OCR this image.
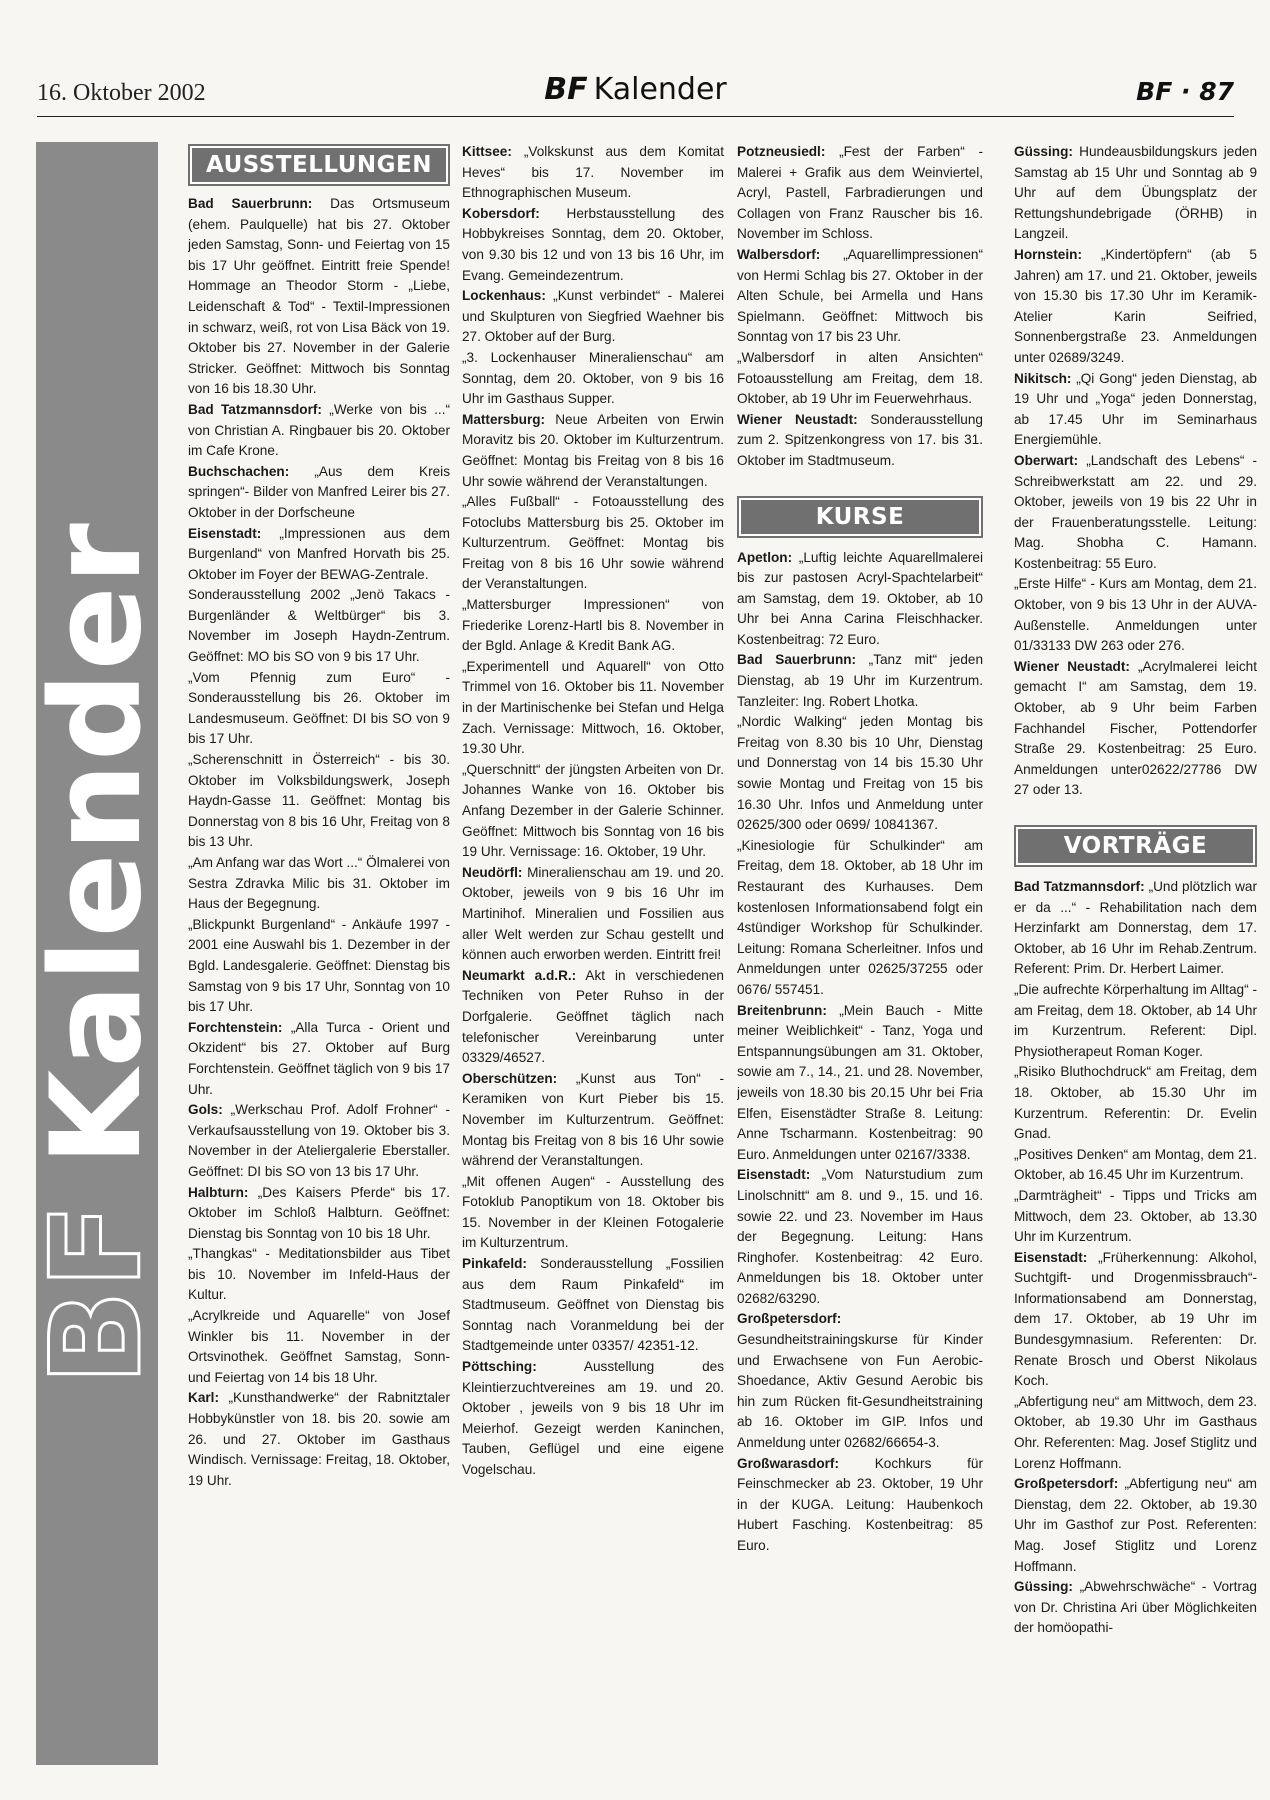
16. Oktober 2002	BF Kalender	BF · 87
BFKalender
AUSSTELLUNGEN

Bad Sauerbrunn: Das Ortsmuseum (ehem. Paulquelle) hat bis 27. Oktober jeden Samstag, Sonn- und Feiertag von 15 bis 17 Uhr geöffnet. Eintritt freie Spende! Hommage an Theodor Storm - „Liebe, Leidenschaft & Tod“ - Textil-Impressionen in schwarz, weiß, rot von Lisa Bäck von 19. Oktober bis 27. November in der Galerie Stricker. Geöffnet: Mittwoch bis Sonntag von 16 bis 18.30 Uhr.

Bad Tatzmannsdorf: „Werke von bis ...“ von Christian A. Ringbauer bis 20. Oktober im Cafe Krone.

Buchschachen: „Aus dem Kreis springen“- Bilder von Manfred Leirer bis 27. Oktober in der Dorfscheune

Eisenstadt: „Impressionen aus dem Burgenland“ von Manfred Horvath bis 25. Oktober im Foyer der BEWAG-Zentrale.

Sonderausstellung 2002 „Jenö Takacs - Burgenländer & Weltbürger“ bis 3. November im Joseph Haydn-Zentrum. Geöffnet: MO bis SO von 9 bis 17 Uhr.

„Vom Pfennig zum Euro“ - Sonderausstellung bis 26. Oktober im Landesmuseum. Geöffnet: DI bis SO von 9 bis 17 Uhr.

„Scherenschnitt in Österreich“ - bis 30. Oktober im Volksbildungswerk, Joseph Haydn-Gasse 11. Geöffnet: Montag bis Donnerstag von 8 bis 16 Uhr, Freitag von 8 bis 13 Uhr.

„Am Anfang war das Wort ...“ Ölmalerei von Sestra Zdravka Milic bis 31. Oktober im Haus der Begegnung.

„Blickpunkt Burgenland“ - Ankäufe 1997 - 2001 eine Auswahl bis 1. Dezember in der Bgld. Landesgalerie. Geöffnet: Dienstag bis Samstag von 9 bis 17 Uhr, Sonntag von 10 bis 17 Uhr.

Forchtenstein: „Alla Turca - Orient und Okzident“ bis 27. Oktober auf Burg Forchtenstein. Geöffnet täglich von 9 bis 17 Uhr.

Gols: „Werkschau Prof. Adolf Frohner“ - Verkaufsausstellung von 19. Oktober bis 3. November in der Ateliergalerie Eberstaller. Geöffnet: DI bis SO von 13 bis 17 Uhr.

Halbturn: „Des Kaisers Pferde“ bis 17. Oktober im Schloß Halbturn. Geöffnet: Dienstag bis Sonntag von 10 bis 18 Uhr.

„Thangkas“ - Meditationsbilder aus Tibet bis 10. November im Infeld-Haus der Kultur.

„Acrylkreide und Aquarelle“ von Josef Winkler bis 11. November in der Ortsvinothek. Geöffnet Samstag, Sonn- und Feiertag von 14 bis 18 Uhr.

Karl: „Kunsthandwerke“ der Rabnitztaler Hobbykünstler von 18. bis 20. sowie am 26. und 27. Oktober im Gasthaus Windisch. Vernissage: Freitag, 18. Oktober, 19 Uhr.

Kittsee: „Volkskunst aus dem Komitat Heves“ bis 17. November im Ethnographischen Museum.

Kobersdorf: Herbstausstellung des Hobbykreises Sonntag, dem 20. Oktober, von 9.30 bis 12 und von 13 bis 16 Uhr, im Evang. Gemeindezentrum.

Lockenhaus: „Kunst verbindet“ - Malerei und Skulpturen von Siegfried Waehner bis 27. Oktober auf der Burg.

„3. Lockenhauser Mineralienschau“ am Sonntag, dem 20. Oktober, von 9 bis 16 Uhr im Gasthaus Supper.

Mattersburg: Neue Arbeiten von Erwin Moravitz bis 20. Oktober im Kulturzentrum. Geöffnet: Montag bis Freitag von 8 bis 16 Uhr sowie während der Veranstaltungen.

„Alles Fußball“ - Fotoausstellung des Fotoclubs Mattersburg bis 25. Oktober im Kulturzentrum. Geöffnet: Montag bis Freitag von 8 bis 16 Uhr sowie während der Veranstaltungen.

„Mattersburger Impressionen“ von Friederike Lorenz-Hartl bis 8. November in der Bgld. Anlage & Kredit Bank AG.

„Experimentell und Aquarell“ von Otto Trimmel von 16. Oktober bis 11. November in der Martinischenke bei Stefan und Helga Zach. Vernissage: Mittwoch, 16. Oktober, 19.30 Uhr.

„Querschnitt“ der jüngsten Arbeiten von Dr. Johannes Wanke von 16. Oktober bis Anfang Dezember in der Galerie Schinner. Geöffnet: Mittwoch bis Sonntag von 16 bis 19 Uhr. Vernissage: 16. Oktober, 19 Uhr.

Neudörfl: Mineralienschau am 19. und 20. Oktober, jeweils von 9 bis 16 Uhr im Martinihof. Mineralien und Fossilien aus aller Welt werden zur Schau gestellt und können auch erworben werden. Eintritt frei!

Neumarkt a.d.R.: Akt in verschiedenen Techniken von Peter Ruhso in der Dorfgalerie. Geöffnet täglich nach telefonischer Vereinbarung unter 03329/46527.

Oberschützen: „Kunst aus Ton“ - Keramiken von Kurt Pieber bis 15. November im Kulturzentrum. Geöffnet: Montag bis Freitag von 8 bis 16 Uhr sowie während der Veranstaltungen.

„Mit offenen Augen“ - Ausstellung des Fotoklub Panoptikum von 18. Oktober bis 15. November in der Kleinen Fotogalerie im Kulturzentrum.

Pinkafeld: Sonderausstellung „Fossilien aus dem Raum Pinkafeld“ im Stadtmuseum. Geöffnet von Dienstag bis Sonntag nach Voranmeldung bei der Stadtgemeinde unter 03357/ 42351-12.

Pöttsching: Ausstellung des Kleintierzuchtvereines am 19. und 20. Oktober , jeweils von 9 bis 18 Uhr im Meierhof. Gezeigt werden Kaninchen, Tauben, Geflügel und eine eigene Vogelschau.

Potzneusiedl: „Fest der Farben“ - Malerei + Grafik aus dem Weinviertel, Acryl, Pastell, Farbradierungen und Collagen von Franz Rauscher bis 16. November im Schloss.

Walbersdorf: „Aquarellimpressionen“ von Hermi Schlag bis 27. Oktober in der Alten Schule, bei Armella und Hans Spielmann. Geöffnet: Mittwoch bis Sonntag von 17 bis 23 Uhr.

„Walbersdorf in alten Ansichten“ Fotoausstellung am Freitag, dem 18. Oktober, ab 19 Uhr im Feuerwehrhaus.

Wiener Neustadt: Sonderausstellung zum 2. Spitzenkongress von 17. bis 31. Oktober im Stadtmuseum.

KURSE

Apetlon: „Luftig leichte Aquarellmalerei bis zur pastosen Acryl-Spachtelarbeit“ am Samstag, dem 19. Oktober, ab 10 Uhr bei Anna Carina Fleischhacker. Kostenbeitrag: 72 Euro.

Bad Sauerbrunn: „Tanz mit“ jeden Dienstag, ab 19 Uhr im Kurzentrum. Tanzleiter: Ing. Robert Lhotka.

„Nordic Walking“ jeden Montag bis Freitag von 8.30 bis 10 Uhr, Dienstag und Donnerstag von 14 bis 15.30 Uhr sowie Montag und Freitag von 15 bis 16.30 Uhr. Infos und Anmeldung unter 02625/300 oder 0699/ 10841367.

„Kinesiologie für Schulkinder“ am Freitag, dem 18. Oktober, ab 18 Uhr im Restaurant des Kurhauses. Dem kostenlosen Informationsabend folgt ein 4stündiger Workshop für Schulkinder. Leitung: Romana Scherleitner. Infos und Anmeldungen unter 02625/37255 oder 0676/ 557451.

Breitenbrunn: „Mein Bauch - Mitte meiner Weiblichkeit“ - Tanz, Yoga und Entspannungsübungen am 31. Oktober, sowie am 7., 14., 21. und 28. November, jeweils von 18.30 bis 20.15 Uhr bei Fria Elfen, Eisenstädter Straße 8. Leitung: Anne Tscharmann. Kostenbeitrag: 90 Euro. Anmeldungen unter 02167/3338.

Eisenstadt: „Vom Naturstudium zum Linolschnitt“ am 8. und 9., 15. und 16. sowie 22. und 23. November im Haus der Begegnung. Leitung: Hans Ringhofer. Kostenbeitrag: 42 Euro. Anmeldungen bis 18. Oktober unter 02682/63290.

Großpetersdorf: Gesundheitstrainingskurse für Kinder und Erwachsene von Fun Aerobic-Shoedance, Aktiv Gesund Aerobic bis hin zum Rücken fit-Gesundheitstraining ab 16. Oktober im GIP. Infos und Anmeldung unter 02682/66654-3.

Großwarasdorf: Kochkurs für Feinschmecker ab 23. Oktober, 19 Uhr in der KUGA. Leitung: Haubenkoch Hubert Fasching. Kostenbeitrag: 85 Euro.

Güssing: Hundeausbildungskurs jeden Samstag ab 15 Uhr und Sonntag ab 9 Uhr auf dem Übungsplatz der Rettungshundebrigade (ÖRHB) in Langzeil.

Hornstein: „Kindertöpfern“ (ab 5 Jahren) am 17. und 21. Oktober, jeweils von 15.30 bis 17.30 Uhr im Keramik-Atelier Karin Seifried, Sonnenbergstraße 23. Anmeldungen unter 02689/3249.

Nikitsch: „Qi Gong“ jeden Dienstag, ab 19 Uhr und „Yoga“ jeden Donnerstag, ab 17.45 Uhr im Seminarhaus Energiemühle.

Oberwart: „Landschaft des Lebens“ - Schreibwerkstatt am 22. und 29. Oktober, jeweils von 19 bis 22 Uhr in der Frauenberatungsstelle. Leitung: Mag. Shobha C. Hamann. Kostenbeitrag: 55 Euro.

„Erste Hilfe“ - Kurs am Montag, dem 21. Oktober, von 9 bis 13 Uhr in der AUVA-Außenstelle. Anmeldungen unter 01/33133 DW 263 oder 276.

Wiener Neustadt: „Acrylmalerei leicht gemacht I“ am Samstag, dem 19. Oktober, ab 9 Uhr beim Farben Fachhandel Fischer, Pottendorfer Straße 29. Kostenbeitrag: 25 Euro. Anmeldungen unter02622/27786 DW 27 oder 13.

VORTRÄGE

Bad Tatzmannsdorf: „Und plötzlich war er da ...“ - Rehabilitation nach dem Herzinfarkt am Donnerstag, dem 17. Oktober, ab 16 Uhr im Rehab.Zentrum. Referent: Prim. Dr. Herbert Laimer.

„Die aufrechte Körperhaltung im Alltag“ - am Freitag, dem 18. Oktober, ab 14 Uhr im Kurzentrum. Referent: Dipl. Physiotherapeut Roman Koger.

„Risiko Bluthochdruck“ am Freitag, dem 18. Oktober, ab 15.30 Uhr im Kurzentrum. Referentin: Dr. Evelin Gnad.

„Positives Denken“ am Montag, dem 21. Oktober, ab 16.45 Uhr im Kurzentrum.

„Darmträgheit“ - Tipps und Tricks am Mittwoch, dem 23. Oktober, ab 13.30 Uhr im Kurzentrum.

Eisenstadt: „Früherkennung: Alkohol, Suchtgift- und Drogenmissbrauch“- Informationsabend am Donnerstag, dem 17. Oktober, ab 19 Uhr im Bundesgymnasium. Referenten: Dr. Renate Brosch und Oberst Nikolaus Koch.

„Abfertigung neu“ am Mittwoch, dem 23. Oktober, ab 19.30 Uhr im Gasthaus Ohr. Referenten: Mag. Josef Stiglitz und Lorenz Hoffmann.

Großpetersdorf: „Abfertigung neu“ am Dienstag, dem 22. Oktober, ab 19.30 Uhr im Gasthof zur Post. Referenten: Mag. Josef Stiglitz und Lorenz Hoffmann.

Güssing: „Abwehrschwäche“ - Vortrag von Dr. Christina Ari über Möglichkeiten der homöopathi-
